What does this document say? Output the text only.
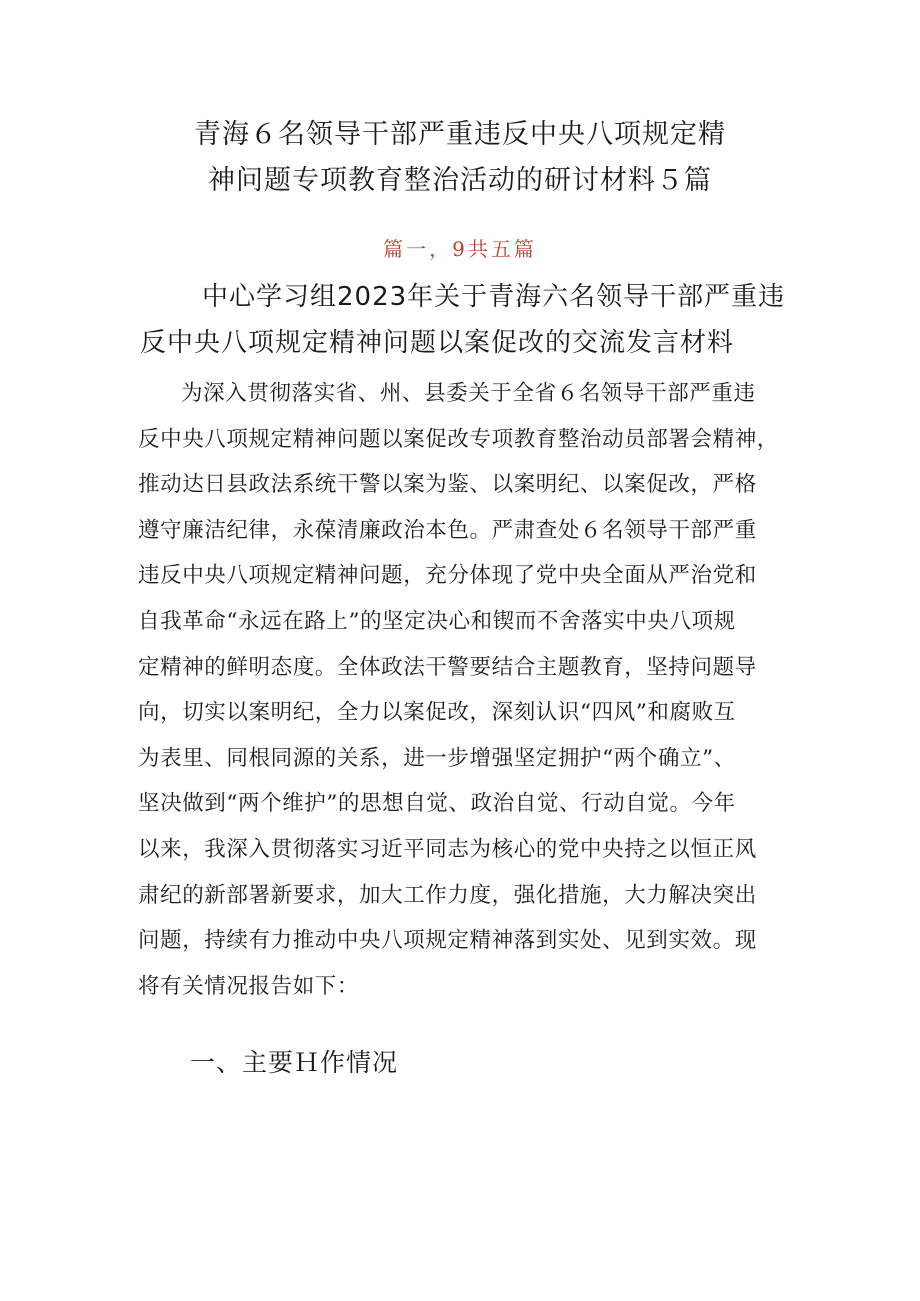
青海６名领导干部严重违反中央八项规定精
神问题专项教育整治活动的研讨材料５篇
篇一，9共五篇
中心学习组2023年关于青海六名领导干部严重违
反中央八项规定精神问题以案促改的交流发言材料
为深入贯彻落实省、州、县委关于全省６名领导干部严重违
反中央八项规定精神问题以案促改专项教育整治动员部署会精神，
推动达日县政法系统干警以案为鉴、以案明纪、以案促改，严格
遵守廉洁纪律，永葆清廉政治本色。严肃查处６名领导干部严重
违反中央八项规定精神问题，充分体现了党中央全面从严治党和
自我革命“永远在路上”的坚定决心和锲而不舍落实中央八项规
定精神的鲜明态度。全体政法干警要结合主题教育，坚持问题导
向，切实以案明纪，全力以案促改，深刻认识“四风”和腐败互
为表里、同根同源的关系，进一步增强坚定拥护“两个确立”、
坚决做到“两个维护”的思想自觉、政治自觉、行动自觉。今年
以来，我深入贯彻落实习近平同志为核心的党中央持之以恒正风
肃纪的新部署新要求，加大工作力度，强化措施，大力解决突出
问题，持续有力推动中央八项规定精神落到实处、见到实效。现
将有关情况报告如下：
一、主要Ｈ作情况
